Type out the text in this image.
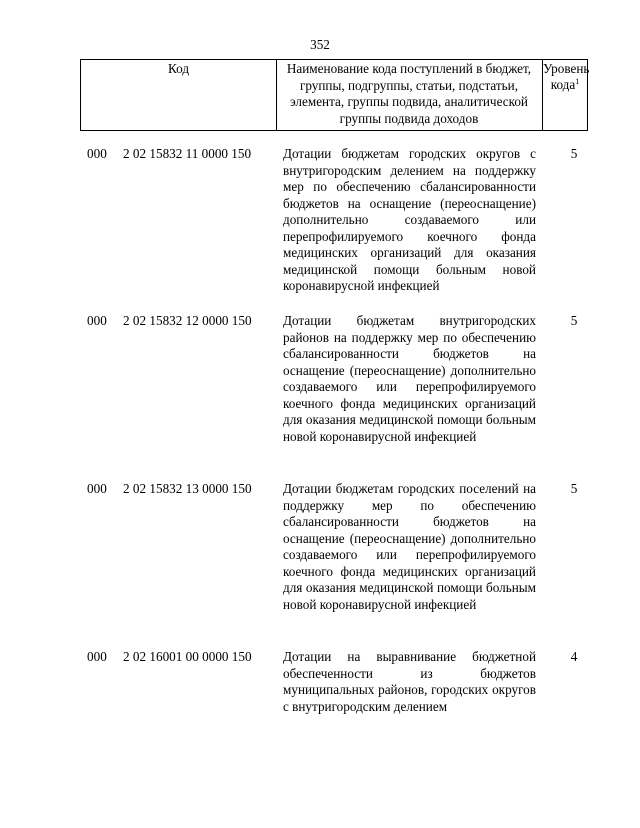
352
Код	Наименование кода поступлений в бюджет, группы, подгруппы, статьи, подстатьи, элемента, группы подвида, аналитической группы подвида доходов
Уровень кода$^1$
000 2 02 15832 11 0000 150 Дотации бюджетам городских округов с внутригородским делением на поддержку мер по обеспечению сбалансированности бюджетов на оснащение (переоснащение) дополнительно создаваемого или перепрофилируемого коечного фонда медицинских организаций для оказания медицинской помощи больным новой коронавирусной инфекцией
5
000 2 02 15832 12 0000 150 Дотации бюджетам внутригородских районов на поддержку мер по обеспечению сбалансированности бюджетов на оснащение (переоснащение) дополнительно создаваемого или перепрофилируемого коечного фонда медицинских организаций для оказания медицинской помощи больным новой коронавирусной инфекцией
5
000 2 02 15832 13 0000 150 Дотации бюджетам городских поселений на поддержку мер по обеспечению сбалансированности бюджетов на оснащение (переоснащение) дополнительно создаваемого или перепрофилируемого коечного фонда медицинских организаций для оказания медицинской помощи больным новой коронавирусной инфекцией
5
000 2 02 16001 00 0000 150 Дотации на выравнивание бюджетной обеспеченности из бюджетов муниципальных районов, городских округов с внутригородским делением
4
